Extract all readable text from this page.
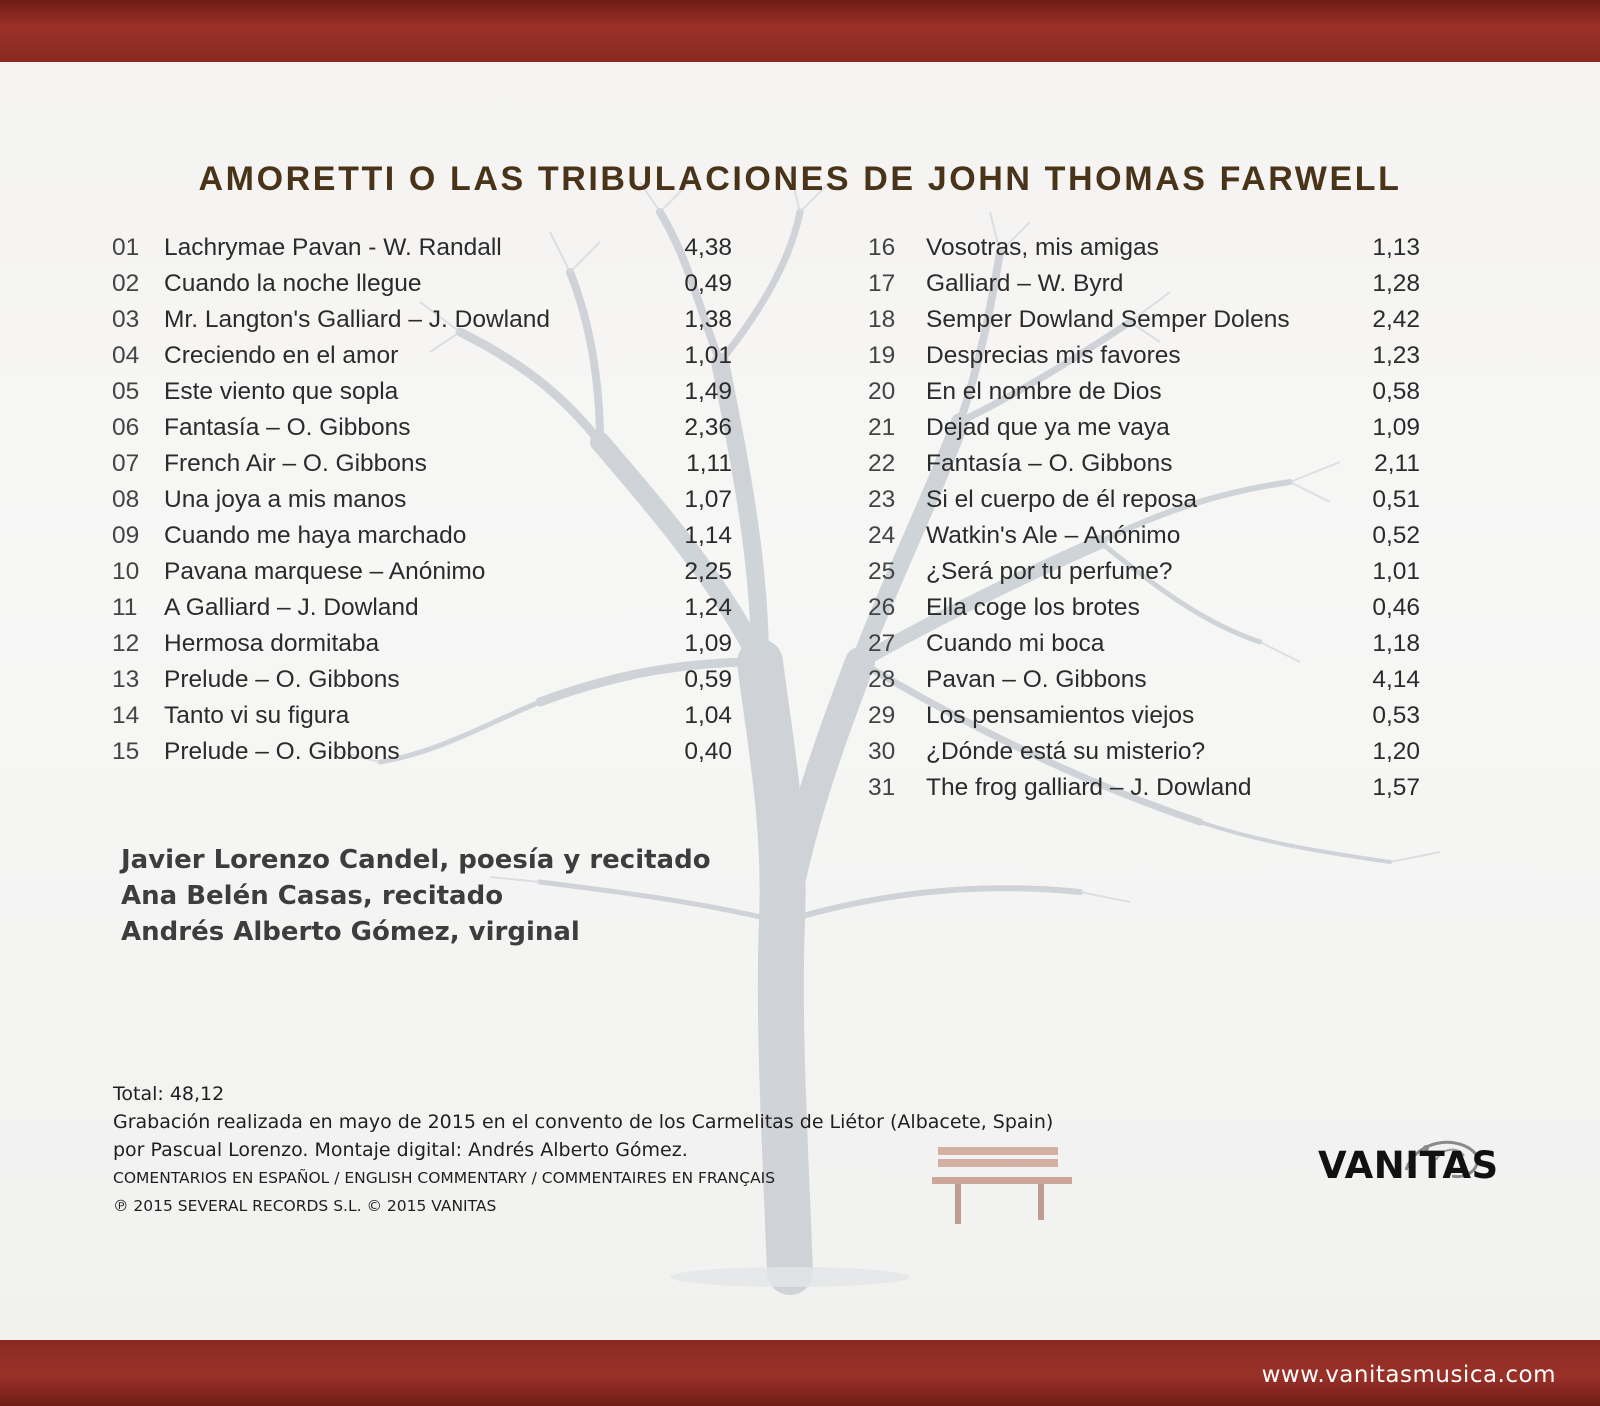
AMORETTI O LAS TRIBULACIONES DE JOHN THOMAS FARWELL
01 Lachrymae Pavan - W. Randall	4,38
02 Cuando la noche llegue	0,49
03 Mr. Langton's Galliard – J. Dowland	1,38
04 Creciendo en el amor	1,01
05 Este viento que sopla	1,49
06 Fantasía – O. Gibbons	2,36
07 French Air – O. Gibbons	1,11
08 Una joya a mis manos	1,07
09 Cuando me haya marchado	1,14
10 Pavana marquese – Anónimo	2,25
11 A Galliard – J. Dowland	1,24
12 Hermosa dormitaba	1,09
13 Prelude – O. Gibbons	0,59
14 Tanto vi su figura	1,04
15 Prelude – O. Gibbons	0,40
16 Vosotras, mis amigas	1,13
17 Galliard – W. Byrd	1,28
18 Semper Dowland Semper Dolens	2,42
19 Desprecias mis favores	1,23
20 En el nombre de Dios	0,58
21 Dejad que ya me vaya	1,09
22 Fantasía – O. Gibbons	2,11
23 Si el cuerpo de él reposa	0,51
24 Watkin's Ale – Anónimo	0,52
25 ¿Será por tu perfume?	1,01
26 Ella coge los brotes	0,46
27 Cuando mi boca	1,18
28 Pavan – O. Gibbons	4,14
29 Los pensamientos viejos	0,53
30 ¿Dónde está su misterio?	1,20
31 The frog galliard – J. Dowland	1,57
Javier Lorenzo Candel, poesía y recitado
Ana Belén Casas, recitado
Andrés Alberto Gómez, virginal
Total: 48,12
Grabación realizada en mayo de 2015 en el convento de los Carmelitas de Liétor (Albacete, Spain)
por Pascual Lorenzo. Montaje digital: Andrés Alberto Gómez.
COMENTARIOS EN ESPAÑOL / ENGLISH COMMENTARY / COMMENTAIRES EN FRANÇAIS
℗ 2015 SEVERAL RECORDS S.L. © 2015 VANITAS
VANITAS
www.vanitasmusica.com
